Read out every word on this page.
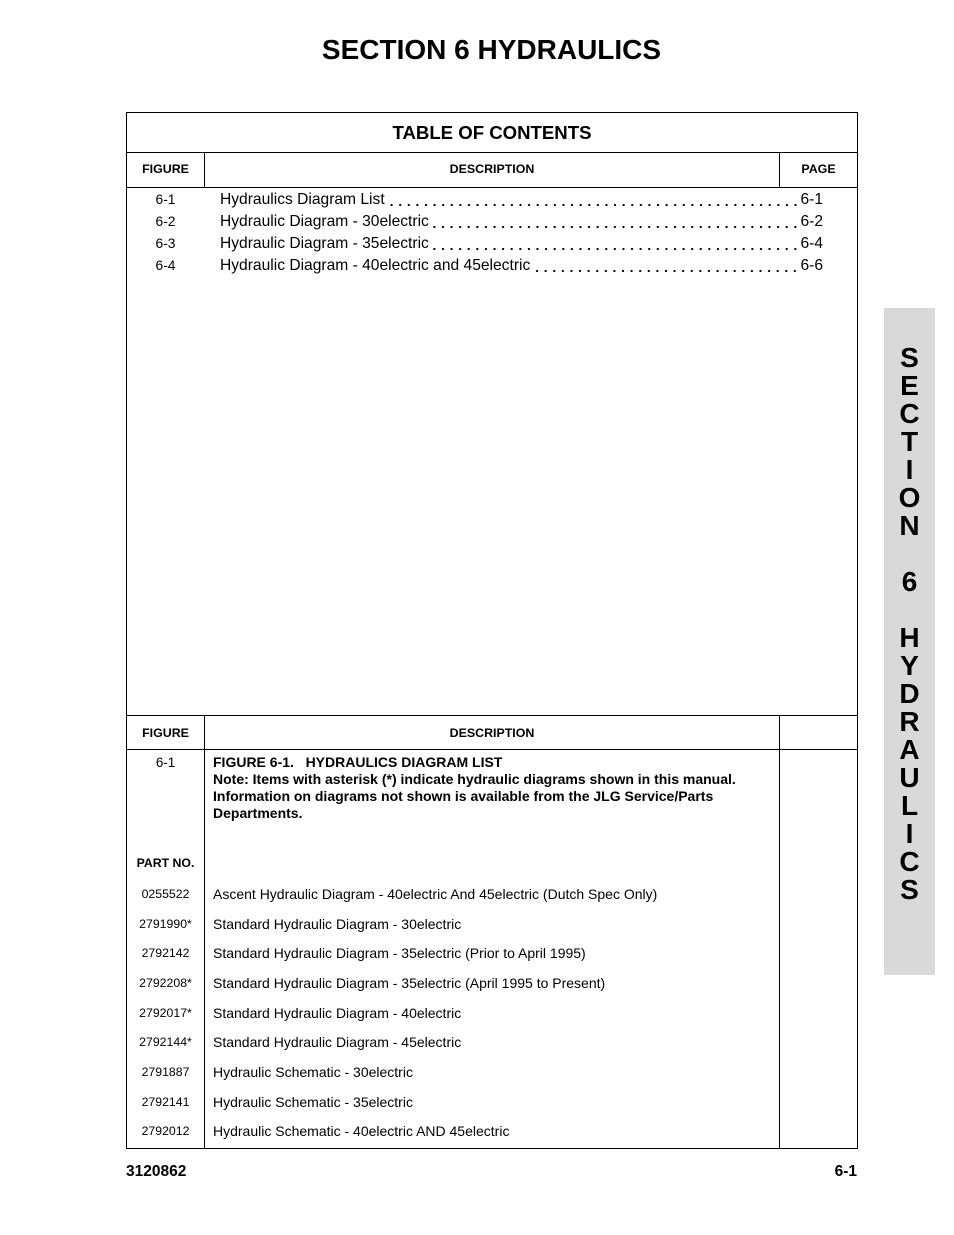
SECTION 6 HYDRAULICS
TABLE OF CONTENTS
FIGURE	DESCRIPTION	PAGE
6-1	Hydraulics Diagram List	6-1
6-2	Hydraulic Diagram - 30electric	6-2
6-3	Hydraulic Diagram - 35electric	6-4
6-4	Hydraulic Diagram - 40electric and 45electric	6-6
FIGURE	DESCRIPTION
6-1	FIGURE 6-1.   HYDRAULICS DIAGRAM LIST
Note: Items with asterisk (*) indicate hydraulic diagrams shown in this manual. Information on diagrams not shown is available from the JLG Service/Parts Departments.
PART NO.
0255522	Ascent Hydraulic Diagram - 40electric And 45electric (Dutch Spec Only)
2791990*	Standard Hydraulic Diagram - 30electric
2792142	Standard Hydraulic Diagram - 35electric (Prior to April 1995)
2792208*	Standard Hydraulic Diagram - 35electric (April 1995 to Present)
2792017*	Standard Hydraulic Diagram - 40electric
2792144*	Standard Hydraulic Diagram - 45electric
2791887	Hydraulic Schematic - 30electric
2792141	Hydraulic Schematic - 35electric
2792012	Hydraulic Schematic - 40electric AND 45electric
3120862	6-1
S
E
C
T
I
O
N

6

H
Y
D
R
A
U
L
I
C
S
